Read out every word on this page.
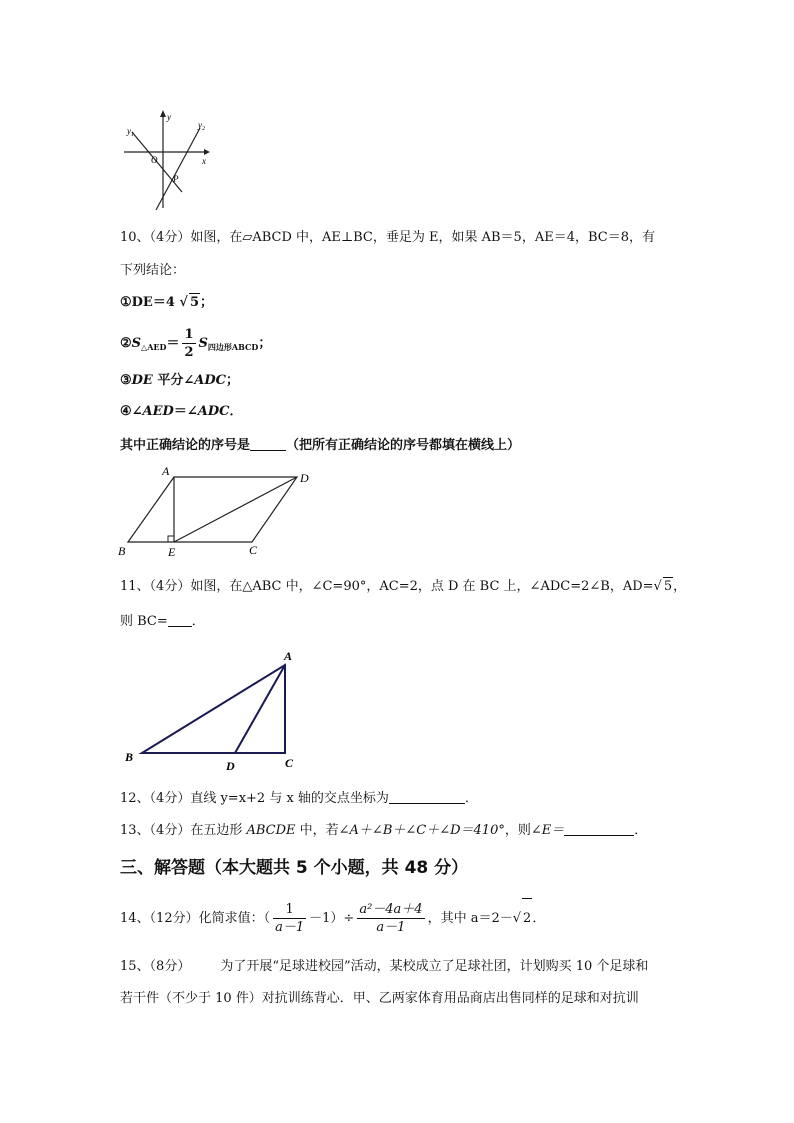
y
x
O
P
$y_1$
$y_2$
10、（4分）如图，在▱ABCD 中，AE⊥BC，垂足为 E，如果 AB＝5，AE＝4，BC＝8，有
下列结论：
①DE＝4 √ 5；
$②S_{\triangle AED}= \frac{1}{2} S_{四边形ABCD}$；
③DE 平分∠ADC；
④∠AED＝∠ADC．
其中正确结论的序号是	（把所有正确结论的序号都填在横线上）
A	D
B	E	C
11、（4分）如图，在△ABC 中，∠C=90°，AC=2，点 D 在 BC 上，∠ADC=2∠B，AD=√ 5，
则 BC= ．
A
B
D	C
12、（4分）直线 y=x+2 与 x 轴的交点坐标为	．
13、（4分）在五边形 ABCDE 中，若∠A＋∠B＋∠C＋∠D＝410°，则∠E＝	．
三、解答题（本大题共 5 个小题，共 48 分）
14、（12分）化简求值：（ $\frac{1}{a-1} -1)\div \frac{\text{a²－4a＋4}}{a-1}$ ，其中 a＝2－√ 2．
15、（8分） 为了开展“足球进校园”活动，某校成立了足球社团，计划购买 10 个足球和
若干件（不少于 10 件）对抗训练背心．甲、乙两家体育用品商店出售同样的足球和对抗训
